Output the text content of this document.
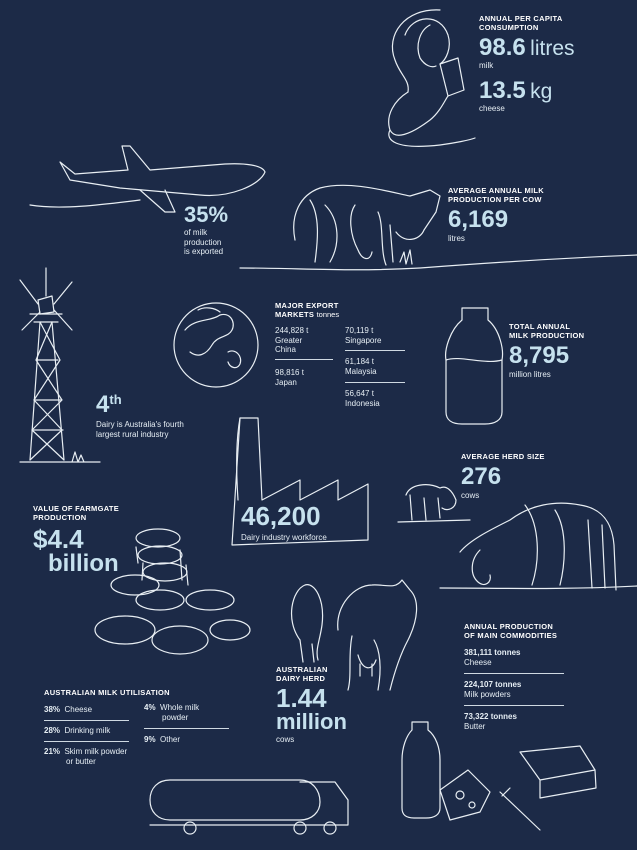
ANNUAL PER CAPITA CONSUMPTION
98.6 litres
milk
13.5 kg
cheese
35%
of milk
production
is exported
AVERAGE ANNUAL MILK
PRODUCTION PER COW
6,169
litres
MAJOR EXPORT
MARKETS tonnes
244,828 t
Greater
China
98,816 t
Japan
70,119 t
Singapore
61,184 t
Malaysia
56,647 t
Indonesia
TOTAL ANNUAL
MILK PRODUCTION
8,795
million litres
4th
Dairy is Australia's fourth
largest rural industry
AVERAGE HERD SIZE
276
cows
VALUE OF FARMGATE
PRODUCTION
$4.4
billion
46,200
Dairy industry workforce
ANNUAL PRODUCTION
OF MAIN COMMODITIES
381,111 tonnes
Cheese
224,107 tonnes
Milk powders
73,322 tonnes
Butter
AUSTRALIAN
DAIRY HERD
1.44
million
cows
AUSTRALIAN MILK UTILISATION
38% Cheese
28% Drinking milk
21% Skim milk powder
or butter
4% Whole milk
powder
9% Other
